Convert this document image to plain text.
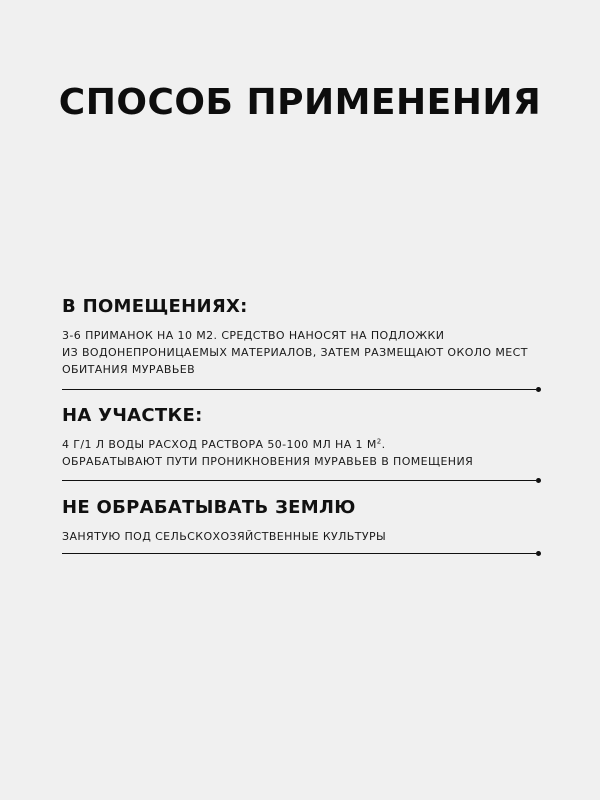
СПОСОБ ПРИМЕНЕНИЯ
В ПОМЕЩЕНИЯХ:
3-6 ПРИМАНОК НА 10 М2. СРЕДСТВО НАНОСЯТ НА ПОДЛОЖКИ
ИЗ ВОДОНЕПРОНИЦАЕМЫХ МАТЕРИАЛОВ, ЗАТЕМ РАЗМЕЩАЮТ ОКОЛО МЕСТ
ОБИТАНИЯ МУРАВЬЕВ
НА УЧАСТКЕ:
4 Г/1 Л ВОДЫ РАСХОД РАСТВОРА 50-100 МЛ НА 1 $М^2$.
ОБРАБАТЫВАЮТ ПУТИ ПРОНИКНОВЕНИЯ МУРАВЬЕВ В ПОМЕЩЕНИЯ
НЕ ОБРАБАТЫВАТЬ ЗЕМЛЮ
ЗАНЯТУЮ ПОД СЕЛЬСКОХОЗЯЙСТВЕННЫЕ КУЛЬТУРЫ
